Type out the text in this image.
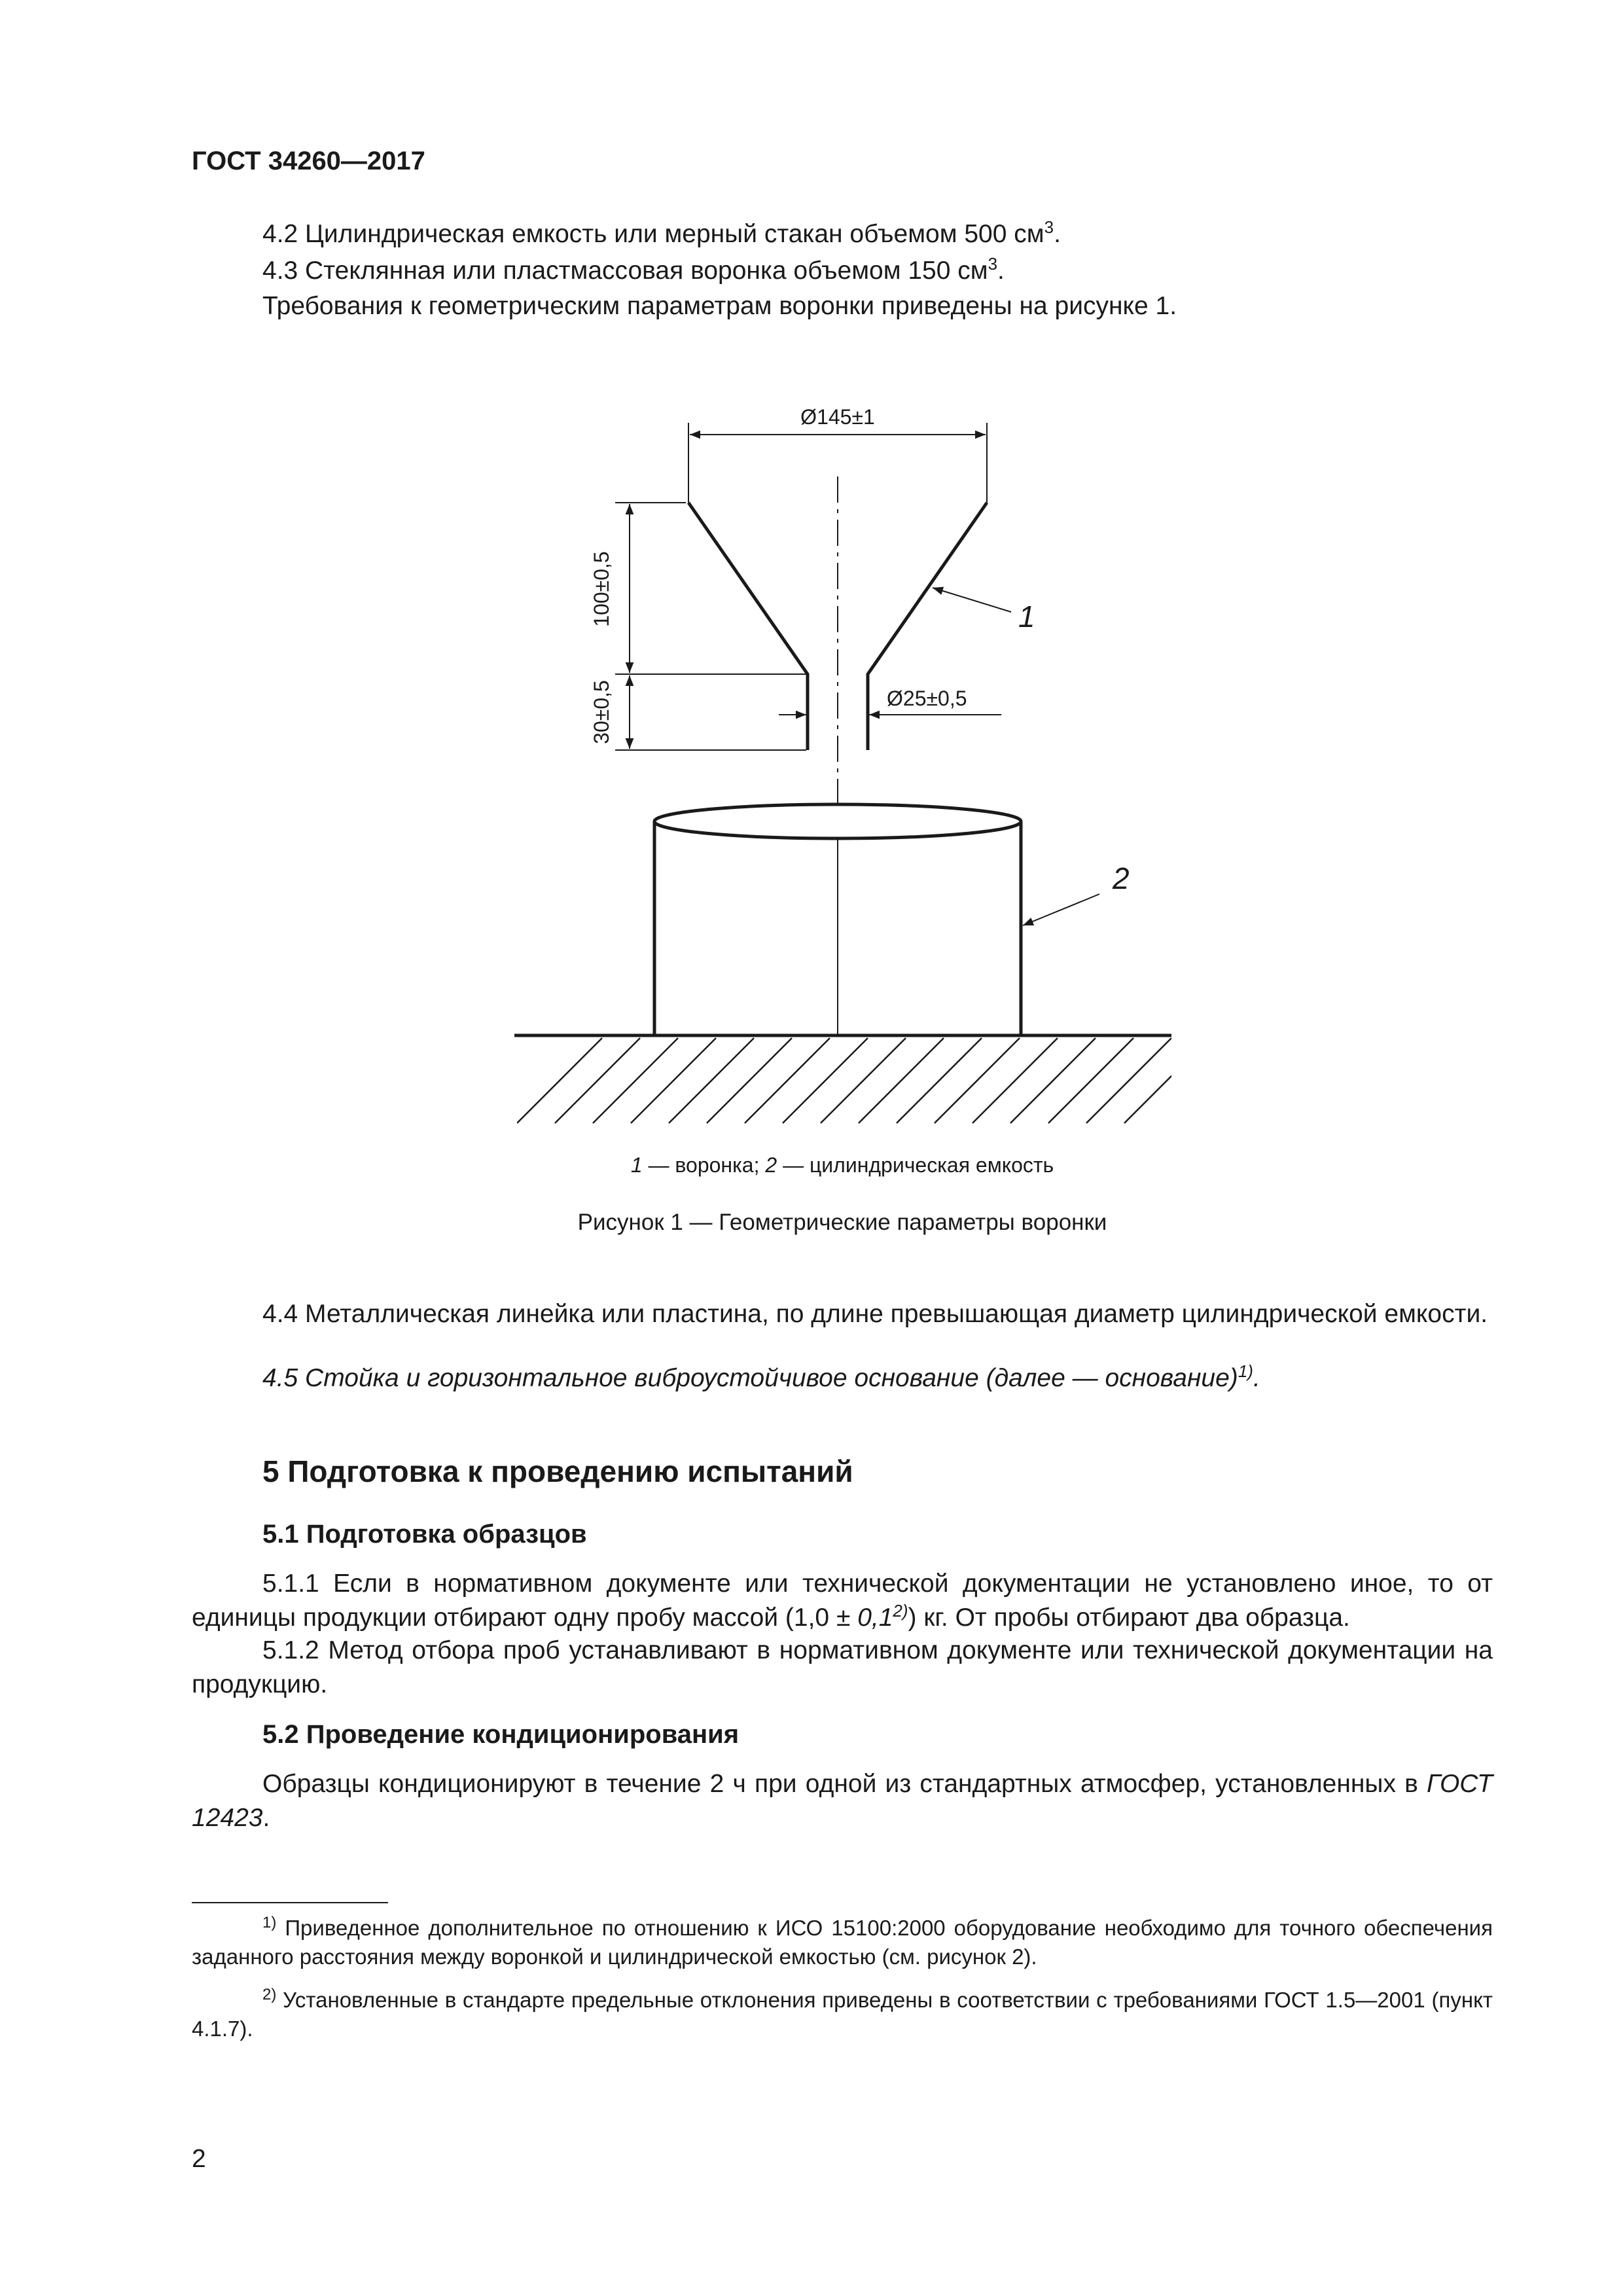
ГОСТ 34260—2017

4.2 Цилиндрическая емкость или мерный стакан объемом 500 $см^3$.

4.3 Стеклянная или пластмассовая воронка объемом 150 $см^3$.

Требования к геометрическим параметрам воронки приведены на рисунке 1.

Ø145±1
100±0,5
30±0,5	Ø25±0,5
1
2
1 — воронка; 2 — цилиндрическая емкость
Рисунок 1 — Геометрические параметры воронки

4.4 Металлическая линейка или пластина, по длине превышающая диаметр цилиндрической емкости.

4.5 Стойка и горизонтальное виброустойчивое основание (далее — основание)$^{1)}$.

5 Подготовка к проведению испытаний
5.1 Подготовка образцов

5.1.1 Если в нормативном документе или технической документации не установлено иное, то от единицы продукции отбирают одну пробу массой $(1,0 \pm 0,1^{2)})$ кг. От пробы отбирают два образца.

5.1.2 Метод отбора проб устанавливают в нормативном документе или технической документации на продукцию.

5.2 Проведение кондиционирования

Образцы кондиционируют в течение 2 ч при одной из стандартных атмосфер, установленных в ГОСТ 12423.

$^{1)}$ Приведенное дополнительное по отношению к ИСО 15100:2000 оборудование необходимо для точного обеспечения заданного расстояния между воронкой и цилиндрической емкостью (см. рисунок 2).

$^{2)}$ Установленные в стандарте предельные отклонения приведены в соответствии с требованиями ГОСТ 1.5—2001 (пункт 4.1.7).

2
